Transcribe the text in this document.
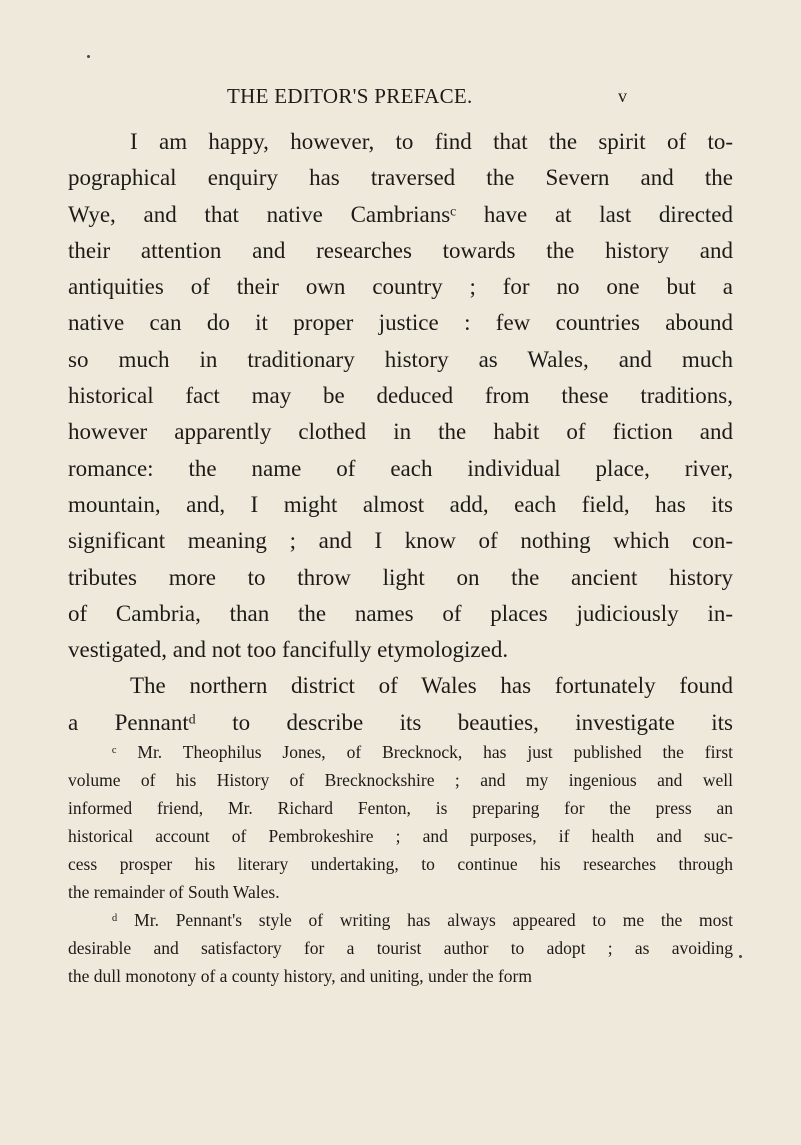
THE EDITOR'S PREFACE.	v
I am happy, however, to find that the spirit of to-
pographical enquiry has traversed the Severn and the
Wye, and that native Cambriansᶜ have at last directed
their attention and researches towards the history and
antiquities of their own country ; for no one but a
native can do it proper justice : few countries abound
so much in traditionary history as Wales, and much
historical fact may be deduced from these traditions,
however apparently clothed in the habit of fiction and
romance: the name of each individual place, river,
mountain, and, I might almost add, each field, has its
significant meaning ; and I know of nothing which con-
tributes more to throw light on the ancient history
of Cambria, than the names of places judiciously in-
vestigated, and not too fancifully etymologized.
The northern district of Wales has fortunately found
a Pennantᵈ to describe its beauties, investigate its
ᶜ Mr. Theophilus Jones, of Brecknock, has just published the first
volume of his History of Brecknockshire ; and my ingenious and well
informed friend, Mr. Richard Fenton, is preparing for the press an
historical account of Pembrokeshire ; and purposes, if health and suc-
cess prosper his literary undertaking, to continue his researches through
the remainder of South Wales.
ᵈ Mr. Pennant's style of writing has always appeared to me the most
desirable and satisfactory for a tourist author to adopt ; as avoiding
the dull monotony of a county history, and uniting, under the form
